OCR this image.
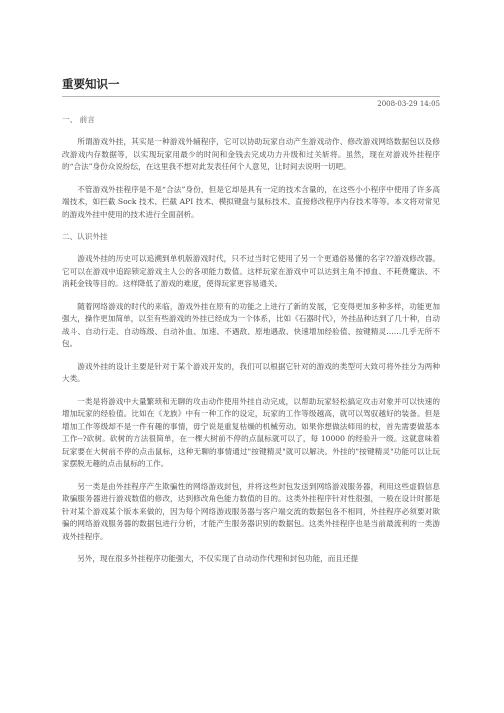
重要知识一
2008-03-29 14:05
一、 前言

所谓游戏外挂，其实是一种游戏外辅程序，它可以协助玩家自动产生游戏动作、修改游戏网络数据包以及修改游戏内存数据等，以实现玩家用最少的时间和金钱去完成功力升级和过关斩将。虽然，现在对游戏外挂程序的“合法”身份众说纷纭，在这里我不想对此发表任何个人意见，让时间去说明一切吧。

不管游戏外挂程序是不是“合法”身份，但是它却是具有一定的技术含量的，在这些小小程序中使用了许多高端技术，如拦截 Sock 技术、拦截 API 技术、模拟键盘与鼠标技术、直接修改程序内存技术等等。本文将对常见的游戏外挂中使用的技术进行全面剖析。

二、认识外挂

游戏外挂的历史可以追溯到单机版游戏时代，只不过当时它使用了另一个更通俗易懂的名字??游戏修改器。它可以在游戏中追踪锁定游戏主人公的各项能力数值。这样玩家在游戏中可以达到主角不掉血、不耗费魔法、不消耗金钱等目的。这样降低了游戏的难度，使得玩家更容易通关。

随着网络游戏的时代的来临，游戏外挂在原有的功能之上进行了新的发展，它变得更加多种多样，功能更加强大，操作更加简单，以至有些游戏的外挂已经成为一个体系，比如《石器时代》，外挂品种达到了几十种，自动战斗、自动行走、自动练级、自动补血、加速、不遇敌、原地遇敌、快速增加经验值、按键精灵……几乎无所不包。

游戏外挂的设计主要是针对于某个游戏开发的，我们可以根据它针对的游戏的类型可大致可将外挂分为两种大类。

一类是将游戏中大量繁琐和无聊的攻击动作使用外挂自动完成，以帮助玩家轻松搞定攻击对象并可以快速的增加玩家的经验值。比如在《龙族》中有一种工作的设定，玩家的工作等级越高，就可以驾驭越好的装备。但是增加工作等级却不是一件有趣的事情，毋宁说是重复枯燥的机械劳动。如果你想做法师用的杖，首先需要做基本工作--?砍树。砍树的方法很简单，在一棵大树前不停的点鼠标就可以了，每 10000 的经验升一级。这就意味着玩家要在大树前不停的点击鼠标，这种无聊的事情通过"按键精灵"就可以解决。外挂的"按键精灵"功能可以让玩家摆脱无趣的点击鼠标的工作。

另一类是由外挂程序产生欺骗性的网络游戏封包，并将这些封包发送到网络游戏服务器，利用这些虚假信息欺骗服务器进行游戏数值的修改，达到修改角色能力数值的目的。这类外挂程序针对性很强，一般在设计时都是针对某个游戏某个版本来做的，因为每个网络游戏服务器与客户端交流的数据包各不相同，外挂程序必须要对欺骗的网络游戏服务器的数据包进行分析，才能产生服务器识别的数据包。这类外挂程序也是当前最流利的一类游戏外挂程序。

另外，现在很多外挂程序功能强大，不仅实现了自动动作代理和封包功能，而且还提
